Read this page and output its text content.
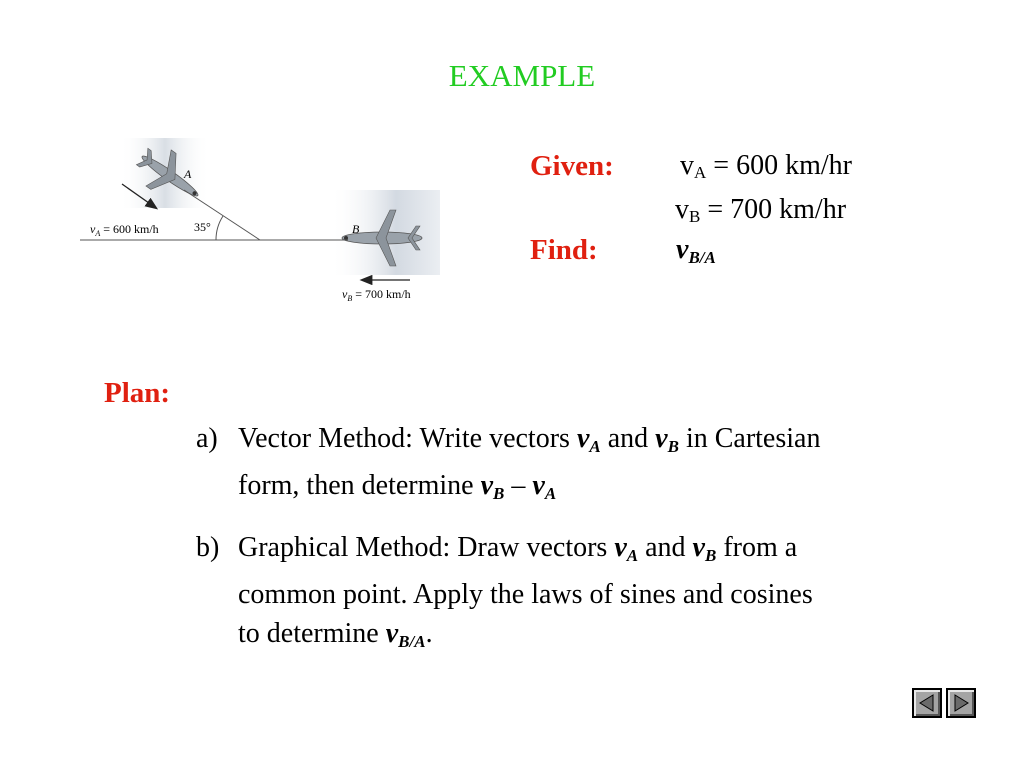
EXAMPLE
A
B
35°
$v_A = 600$ km/h
$v_B = 700$ km/h
Given: $v_A = 600$ km/hr
$v_B = 700$ km/hr
Find:	$v_{B/A}$
Plan:
a) Vector Method: Write vectors $v_A$ and $v_B$ in Cartesian
form, then determine $v_B - v_A$
b) Graphical Method: Draw vectors $v_A$ and $v_B$ from a
common point. Apply the laws of sines and cosines
to determine $v_{B/A}$.
